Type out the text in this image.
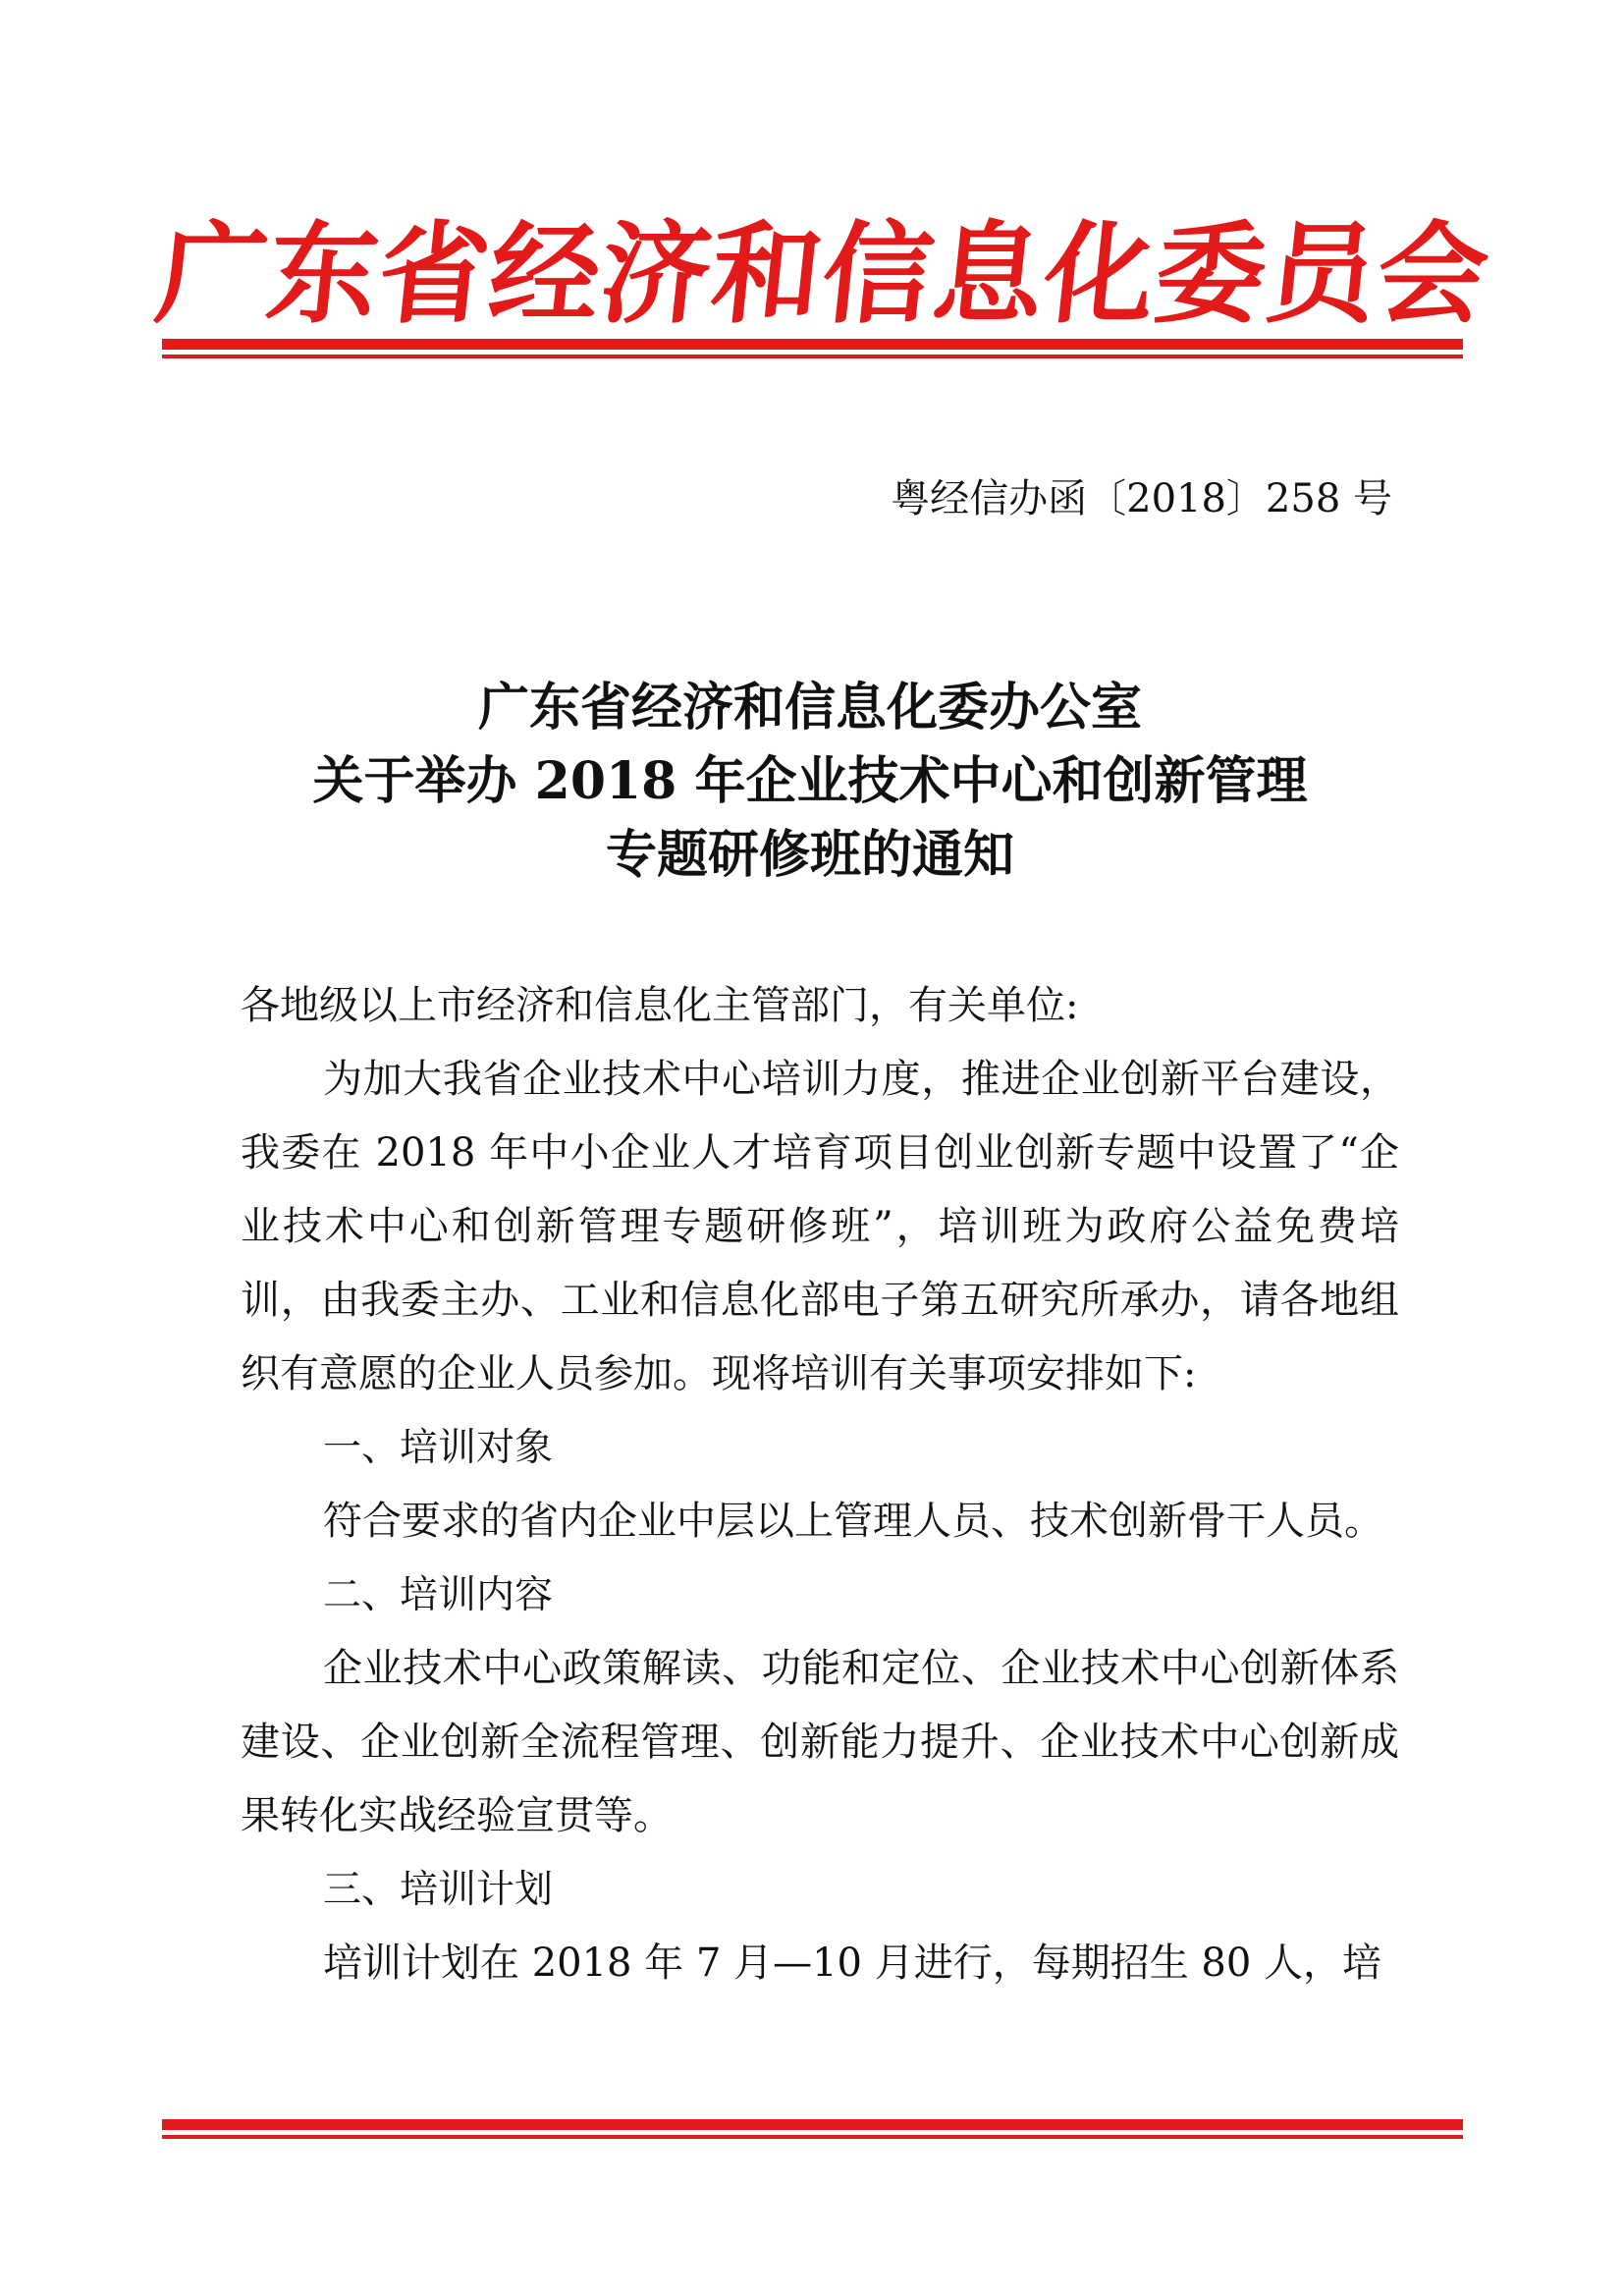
广东省经济和信息化委员会
粤经信办函〔2018〕258 号
广东省经济和信息化委办公室
关于举办 2018 年企业技术中心和创新管理
专题研修班的通知

各地级以上市经济和信息化主管部门，有关单位:

为加大我省企业技术中心培训力度，推进企业创新平台建设，我委在 2018 年中小企业人才培育项目创业创新专题中设置了“企业技术中心和创新管理专题研修班”，培训班为政府公益免费培训，由我委主办、工业和信息化部电子第五研究所承办，请各地组织有意愿的企业人员参加。现将培训有关事项安排如下:

一、培训对象

符合要求的省内企业中层以上管理人员、技术创新骨干人员。

二、培训内容

企业技术中心政策解读、功能和定位、企业技术中心创新体系建设、企业创新全流程管理、创新能力提升、企业技术中心创新成果转化实战经验宣贯等。

三、培训计划

培训计划在 2018 年 7 月—10 月进行，每期招生 80 人，培
